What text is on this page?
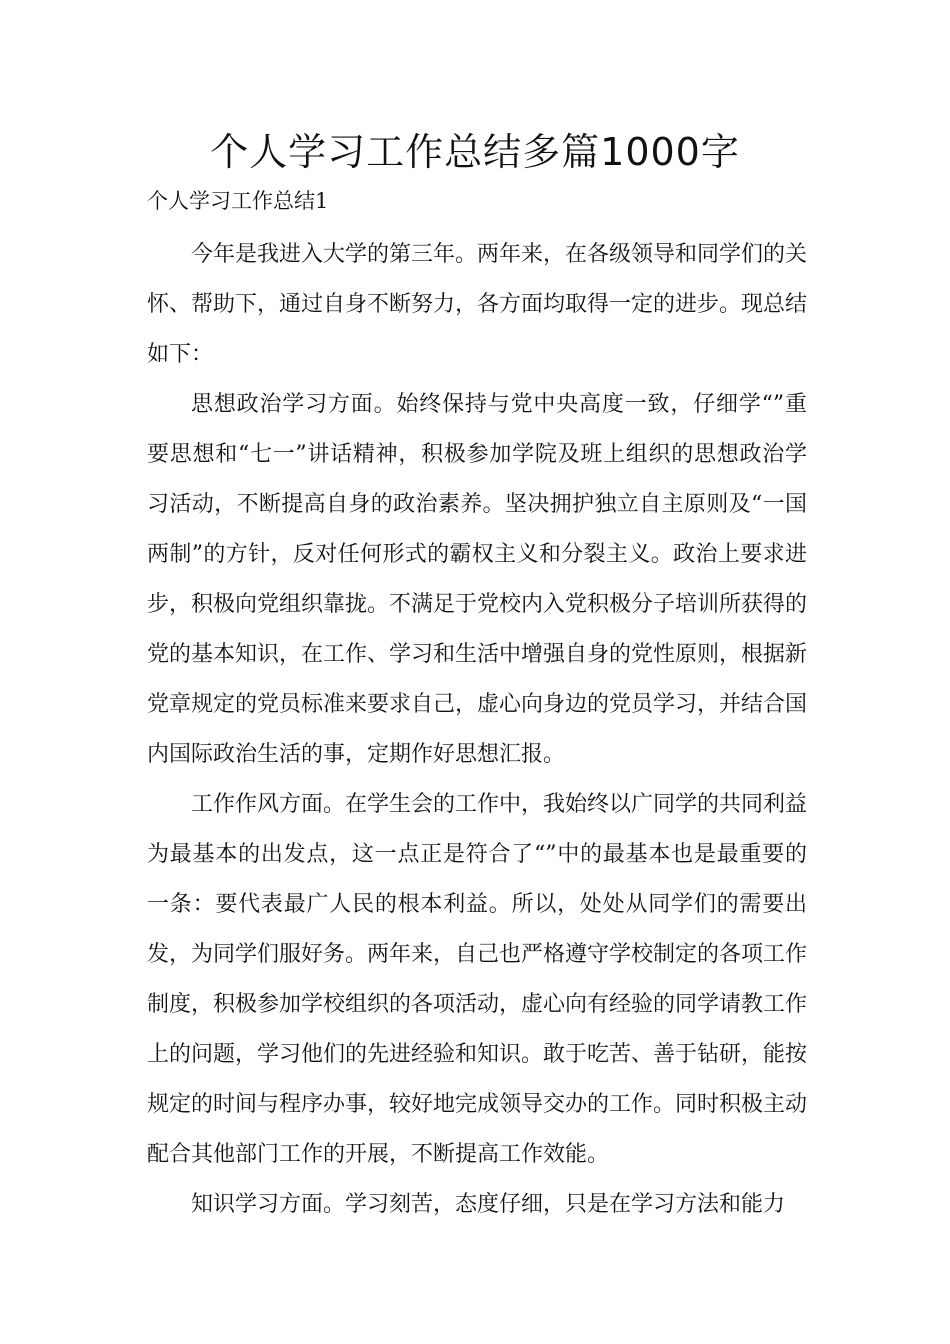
个人学习工作总结多篇1000字

个人学习工作总结1

今年是我进入大学的第三年。两年来，在各级领导和同学们的关怀、帮助下，通过自身不断努力，各方面均取得一定的进步。现总结如下：

思想政治学习方面。始终保持与党中央高度一致，仔细学“”重要思想和“七一”讲话精神，积极参加学院及班上组织的思想政治学习活动，不断提高自身的政治素养。坚决拥护独立自主原则及“一国两制”的方针，反对任何形式的霸权主义和分裂主义。政治上要求进步，积极向党组织靠拢。不满足于党校内入党积极分子培训所获得的党的基本知识，在工作、学习和生活中增强自身的党性原则，根据新党章规定的党员标准来要求自己，虚心向身边的党员学习，并结合国内国际政治生活的事，定期作好思想汇报。

工作作风方面。在学生会的工作中，我始终以广同学的共同利益为最基本的出发点，这一点正是符合了“”中的最基本也是最重要的一条：要代表最广人民的根本利益。所以，处处从同学们的需要出发，为同学们服好务。两年来，自己也严格遵守学校制定的各项工作制度，积极参加学校组织的各项活动，虚心向有经验的同学请教工作上的问题，学习他们的先进经验和知识。敢于吃苦、善于钻研，能按规定的时间与程序办事，较好地完成领导交办的工作。同时积极主动配合其他部门工作的开展，不断提高工作效能。

知识学习方面。学习刻苦，态度仔细，只是在学习方法和能力
